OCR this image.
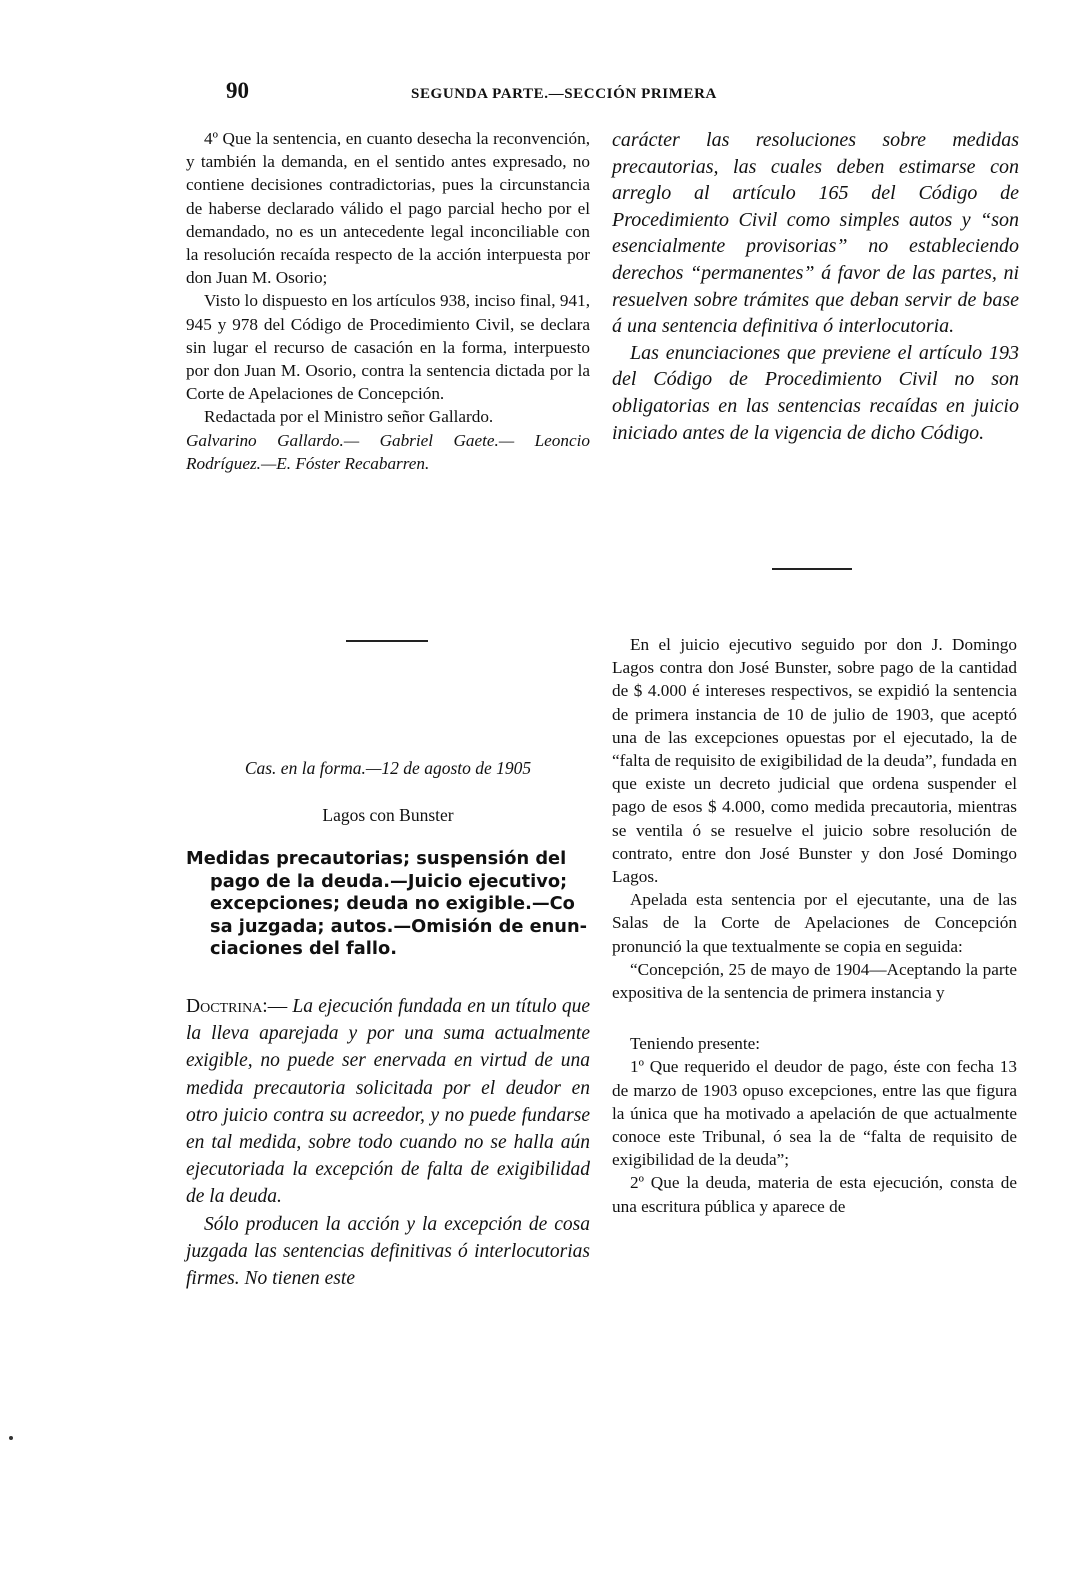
90	SEGUNDA PARTE.—SECCIÓN PRIMERA

4º Que la sentencia, en cuanto desecha la reconvención, y también la demanda, en el sentido antes expresado, no contiene decisiones contradictorias, pues la circunstancia de haberse declarado válido el pago parcial hecho por el demandado, no es un antecedente legal inconciliable con la resolución recaída respecto de la acción interpuesta por don Juan M. Osorio;

Visto lo dispuesto en los artículos 938, inciso final, 941, 945 y 978 del Código de Procedimiento Civil, se declara sin lugar el recurso de casación en la forma, interpuesto por don Juan M. Osorio, contra la sentencia dictada por la Corte de Apelaciones de Concepción.

Redactada por el Ministro señor Gallardo.

Galvarino Gallardo.— Gabriel Gaete.— Leoncio Rodríguez.—E. Fóster Recabarren.

carácter las resoluciones sobre medidas precautorias, las cuales deben estimarse con arreglo al artículo 165 del Código de Procedimiento Civil como simples autos y “son esencialmente provisorias” no estableciendo derechos “permanentes” á favor de las partes, ni resuelven sobre trámites que deban servir de base á una sentencia definitiva ó interlocutoria.

Las enunciaciones que previene el artículo 193 del Código de Procedimiento Civil no son obligatorias en las sentencias recaídas en juicio iniciado antes de la vigencia de dicho Código.

Cas. en la forma.—12 de agosto de 1905

Lagos con Bunster

Medidas precautorias; suspensión del
pago de la deuda.—Juicio ejecutivo;
excepciones; deuda no exigible.—Co
sa juzgada; autos.—Omisión de enun-
ciaciones del fallo.

Doctrina:— La ejecución fundada en un título que la lleva aparejada y por una suma actualmente exigible, no puede ser enervada en virtud de una medida precautoria solicitada por el deudor en otro juicio contra su acreedor, y no puede fundarse en tal medida, sobre todo cuando no se halla aún ejecutoriada la excepción de falta de exigibilidad de la deuda.

Sólo producen la acción y la excepción de cosa juzgada las sentencias definitivas ó interlocutorias firmes. No tienen este

En el juicio ejecutivo seguido por don J. Domingo Lagos contra don José Bunster, sobre pago de la cantidad de $ 4.000 é intereses respectivos, se expidió la sentencia de primera instancia de 10 de julio de 1903, que aceptó una de las excepciones opuestas por el ejecutado, la de “falta de requisito de exigibilidad de la deuda”, fundada en que existe un decreto judicial que ordena suspender el pago de esos $ 4.000, como medida precautoria, mientras se ventila ó se resuelve el juicio sobre resolución de contrato, entre don José Bunster y don José Domingo Lagos.

Apelada esta sentencia por el ejecutante, una de las Salas de la Corte de Apelaciones de Concepción pronunció la que textualmente se copia en seguida:

“Concepción, 25 de mayo de 1904—Aceptando la parte expositiva de la sentencia de primera instancia y

Teniendo presente:

1º Que requerido el deudor de pago, éste con fecha 13 de marzo de 1903 opuso excepciones, entre las que figura la única que ha motivado a apelación de que actualmente conoce este Tribunal, ó sea la de “falta de requisito de exigibilidad de la deuda”;

2º Que la deuda, materia de esta ejecución, consta de una escritura pública y aparece de
